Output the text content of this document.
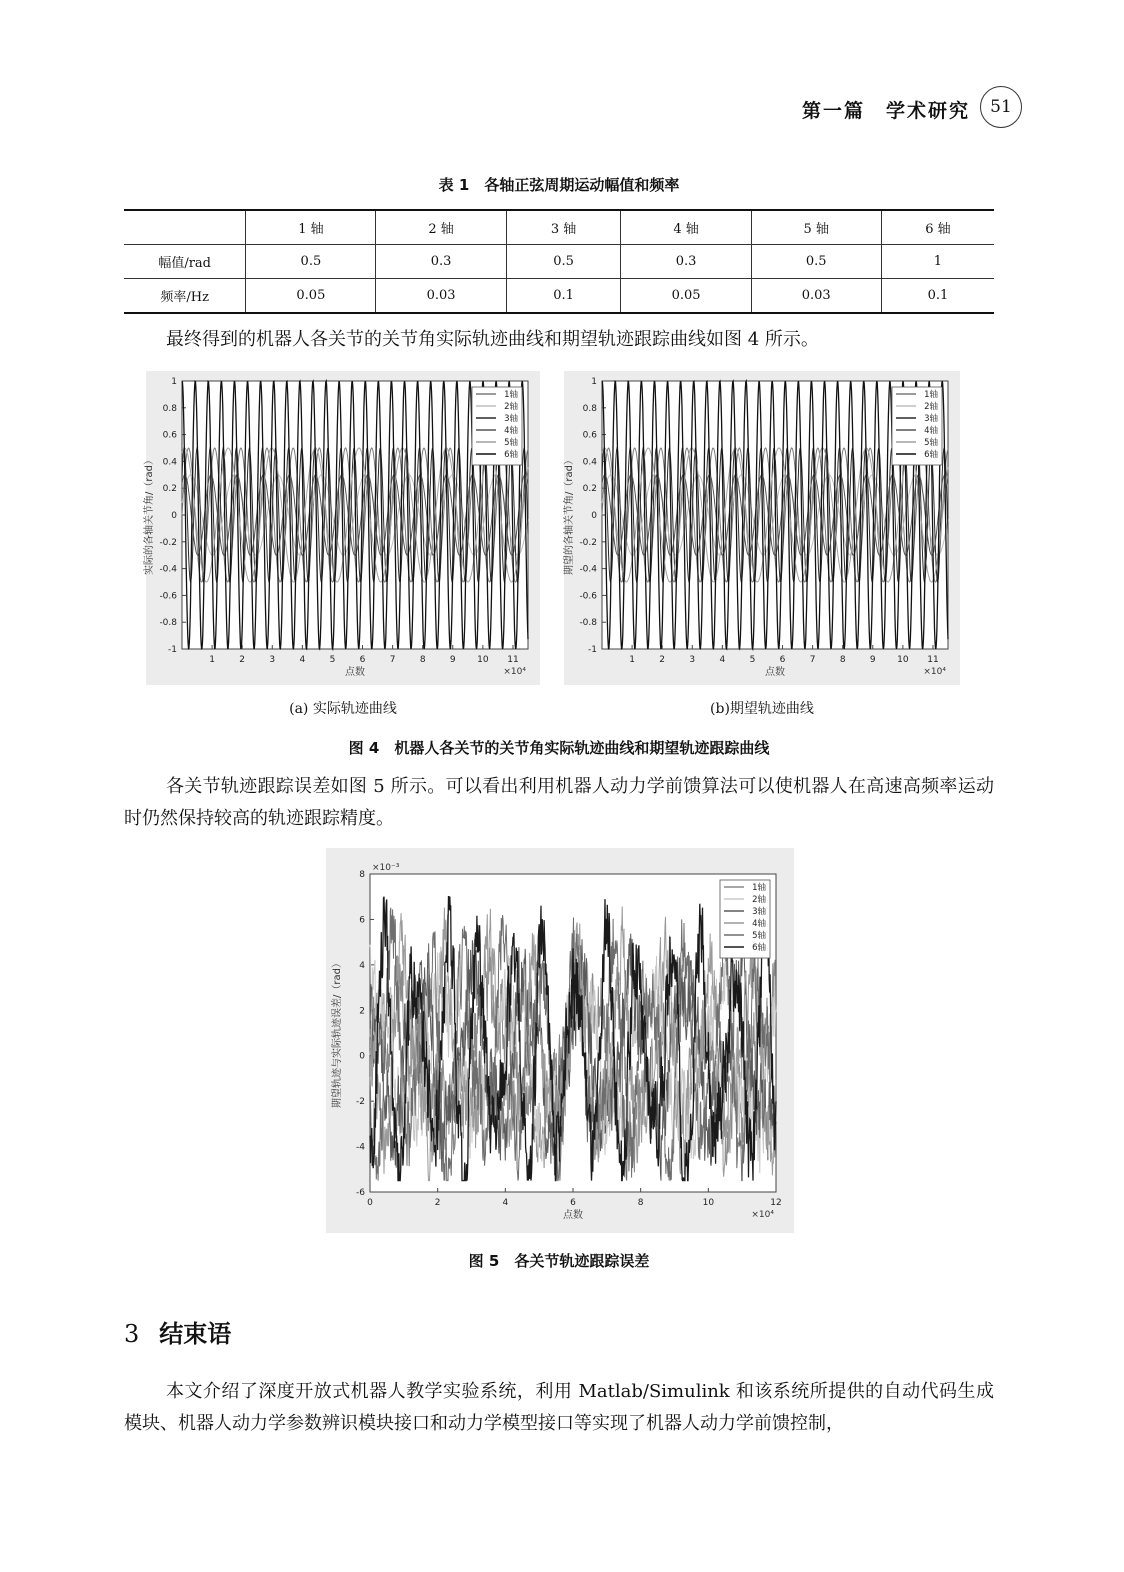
第一篇　学术研究	51
表 1　各轴正弦周期运动幅值和频率
	1 轴	2 轴	3 轴	4 轴	5 轴	6 轴
幅值/rad	0.5	0.3	0.5	0.3	0.5	1
频率/Hz	0.05	0.03	0.1	0.05	0.03	0.1
最终得到的机器人各关节的关节角实际轨迹曲线和期望轨迹跟踪曲线如图 4 所示。
1
0.8
0.6
0.4
0.2
0
-0.2
-0.4
-0.6
-0.8
-1
1	2	3	4	5	6	7	8	9 10 11
点数	×10⁴
实际的各轴关节角/（rad）
1轴
2轴
3轴
4轴
5轴
6轴
1
0.8
0.6
0.4
0.2
0
-0.2
-0.4
-0.6
-0.8
-1
1	2	3	4	5	6	7	8	9 10 11
点数	×10⁴
期望的各轴关节角/（rad）
1轴
2轴
3轴
4轴
5轴
6轴
(a) 实际轨迹曲线	(b)期望轨迹曲线
图 4　机器人各关节的关节角实际轨迹曲线和期望轨迹跟踪曲线
各关节轨迹跟踪误差如图 5 所示。可以看出利用机器人动力学前馈算法可以使机器人在高速高频率运动时仍然保持较高的轨迹跟踪精度。
8
6
4
2
0
-2
-4
-6
0	2	4	6	8	10	12
点数	×10⁴
×10⁻³
期望轨迹与实际轨迹误差/（rad）
1轴
2轴
3轴
4轴
5轴
6轴
图 5　各关节轨迹跟踪误差
3 结束语
本文介绍了深度开放式机器人教学实验系统，利用 Matlab/Simulink 和该系统所提供的自动代码生成模块、机器人动力学参数辨识模块接口和动力学模型接口等实现了机器人动力学前馈控制，
